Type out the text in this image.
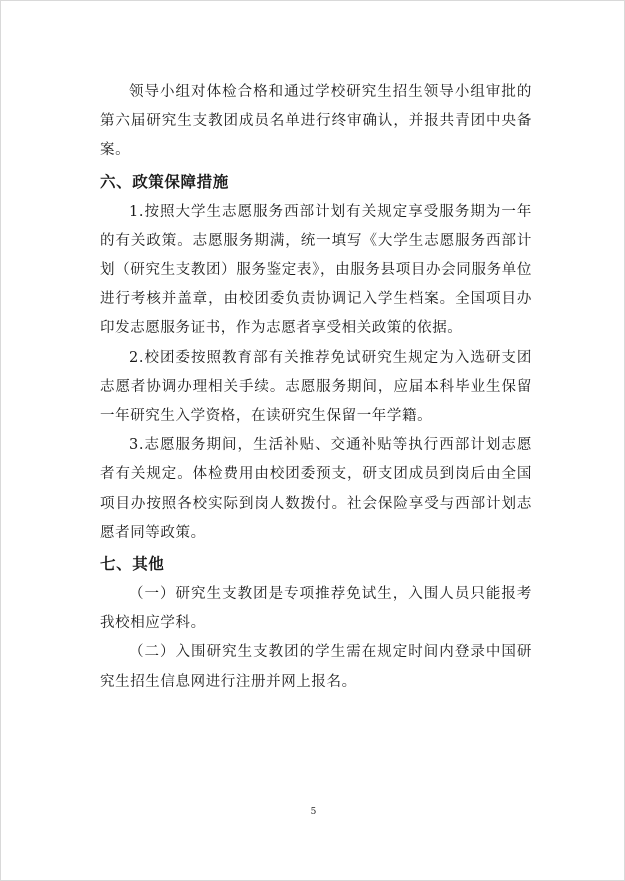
领导小组对体检合格和通过学校研究生招生领导小组审批的第六届研究生支教团成员名单进行终审确认，并报共青团中央备案。

六、政策保障措施

1.按照大学生志愿服务西部计划有关规定享受服务期为一年的有关政策。志愿服务期满，统一填写《大学生志愿服务西部计划（研究生支教团）服务鉴定表》，由服务县项目办会同服务单位进行考核并盖章，由校团委负责协调记入学生档案。全国项目办印发志愿服务证书，作为志愿者享受相关政策的依据。

2.校团委按照教育部有关推荐免试研究生规定为入选研支团志愿者协调办理相关手续。志愿服务期间，应届本科毕业生保留一年研究生入学资格，在读研究生保留一年学籍。

3.志愿服务期间，生活补贴、交通补贴等执行西部计划志愿者有关规定。体检费用由校团委预支，研支团成员到岗后由全国项目办按照各校实际到岗人数拨付。社会保险享受与西部计划志愿者同等政策。

七、其他

（一）研究生支教团是专项推荐免试生，入围人员只能报考我校相应学科。

（二）入围研究生支教团的学生需在规定时间内登录中国研究生招生信息网进行注册并网上报名。

5
